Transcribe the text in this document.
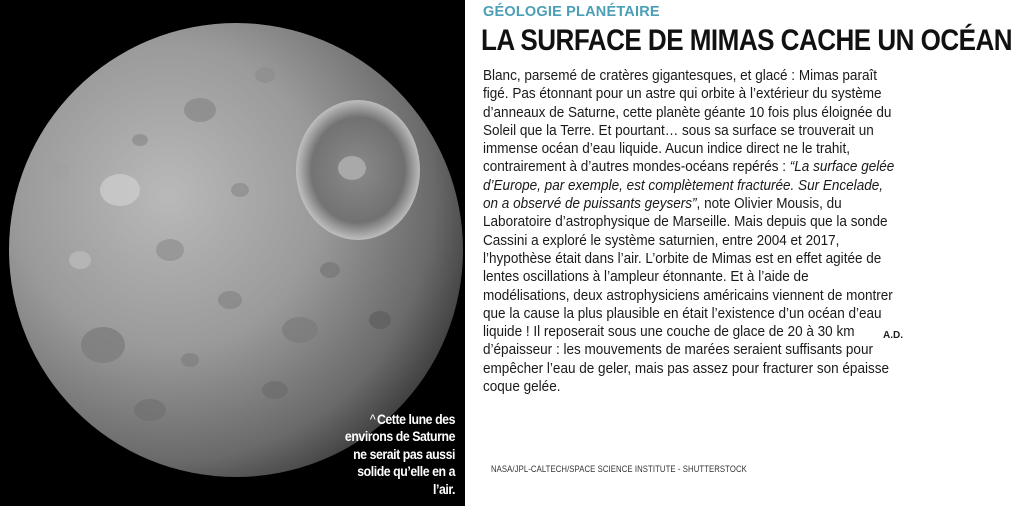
^ Cette lune des environs de Saturne ne serait pas aussi solide qu’elle en a l’air.
GÉOLOGIE PLANÉTAIRE
LA SURFACE DE MIMAS CACHE UN OCÉAN
Blanc, parsemé de cratères gigantesques, et glacé : Mimas paraît figé. Pas étonnant pour un astre qui orbite à l’extérieur du système d’anneaux de Saturne, cette planète géante 10 fois plus éloignée du Soleil que la Terre. Et pourtant… sous sa surface se trouverait un immense océan d’eau liquide. Aucun indice direct ne le trahit, contrairement à d’autres mondes-océans repérés : “La surface gelée d’Europe, par exemple, est complètement fracturée. Sur Encelade, on a observé de puissants geysers”, note Olivier Mousis, du Laboratoire d’astrophysique de Marseille. Mais depuis que la sonde Cassini a exploré le système saturnien, entre 2004 et 2017, l’hypothèse était dans l’air. L’orbite de Mimas est en effet agitée de lentes oscillations à l’ampleur étonnante. Et à l’aide de modélisations, deux astrophysiciens américains viennent de montrer que la cause la plus plausible en était l’existence d’un océan d’eau liquide ! Il reposerait sous une couche de glace de 20 à 30 km d’épaisseur : les mouvements de marées seraient suffisants pour empêcher l’eau de geler, mais pas assez pour fracturer son épaisse coque gelée.
A.D.
NASA/JPL-CALTECH/SPACE SCIENCE INSTITUTE - SHUTTERSTOCK
